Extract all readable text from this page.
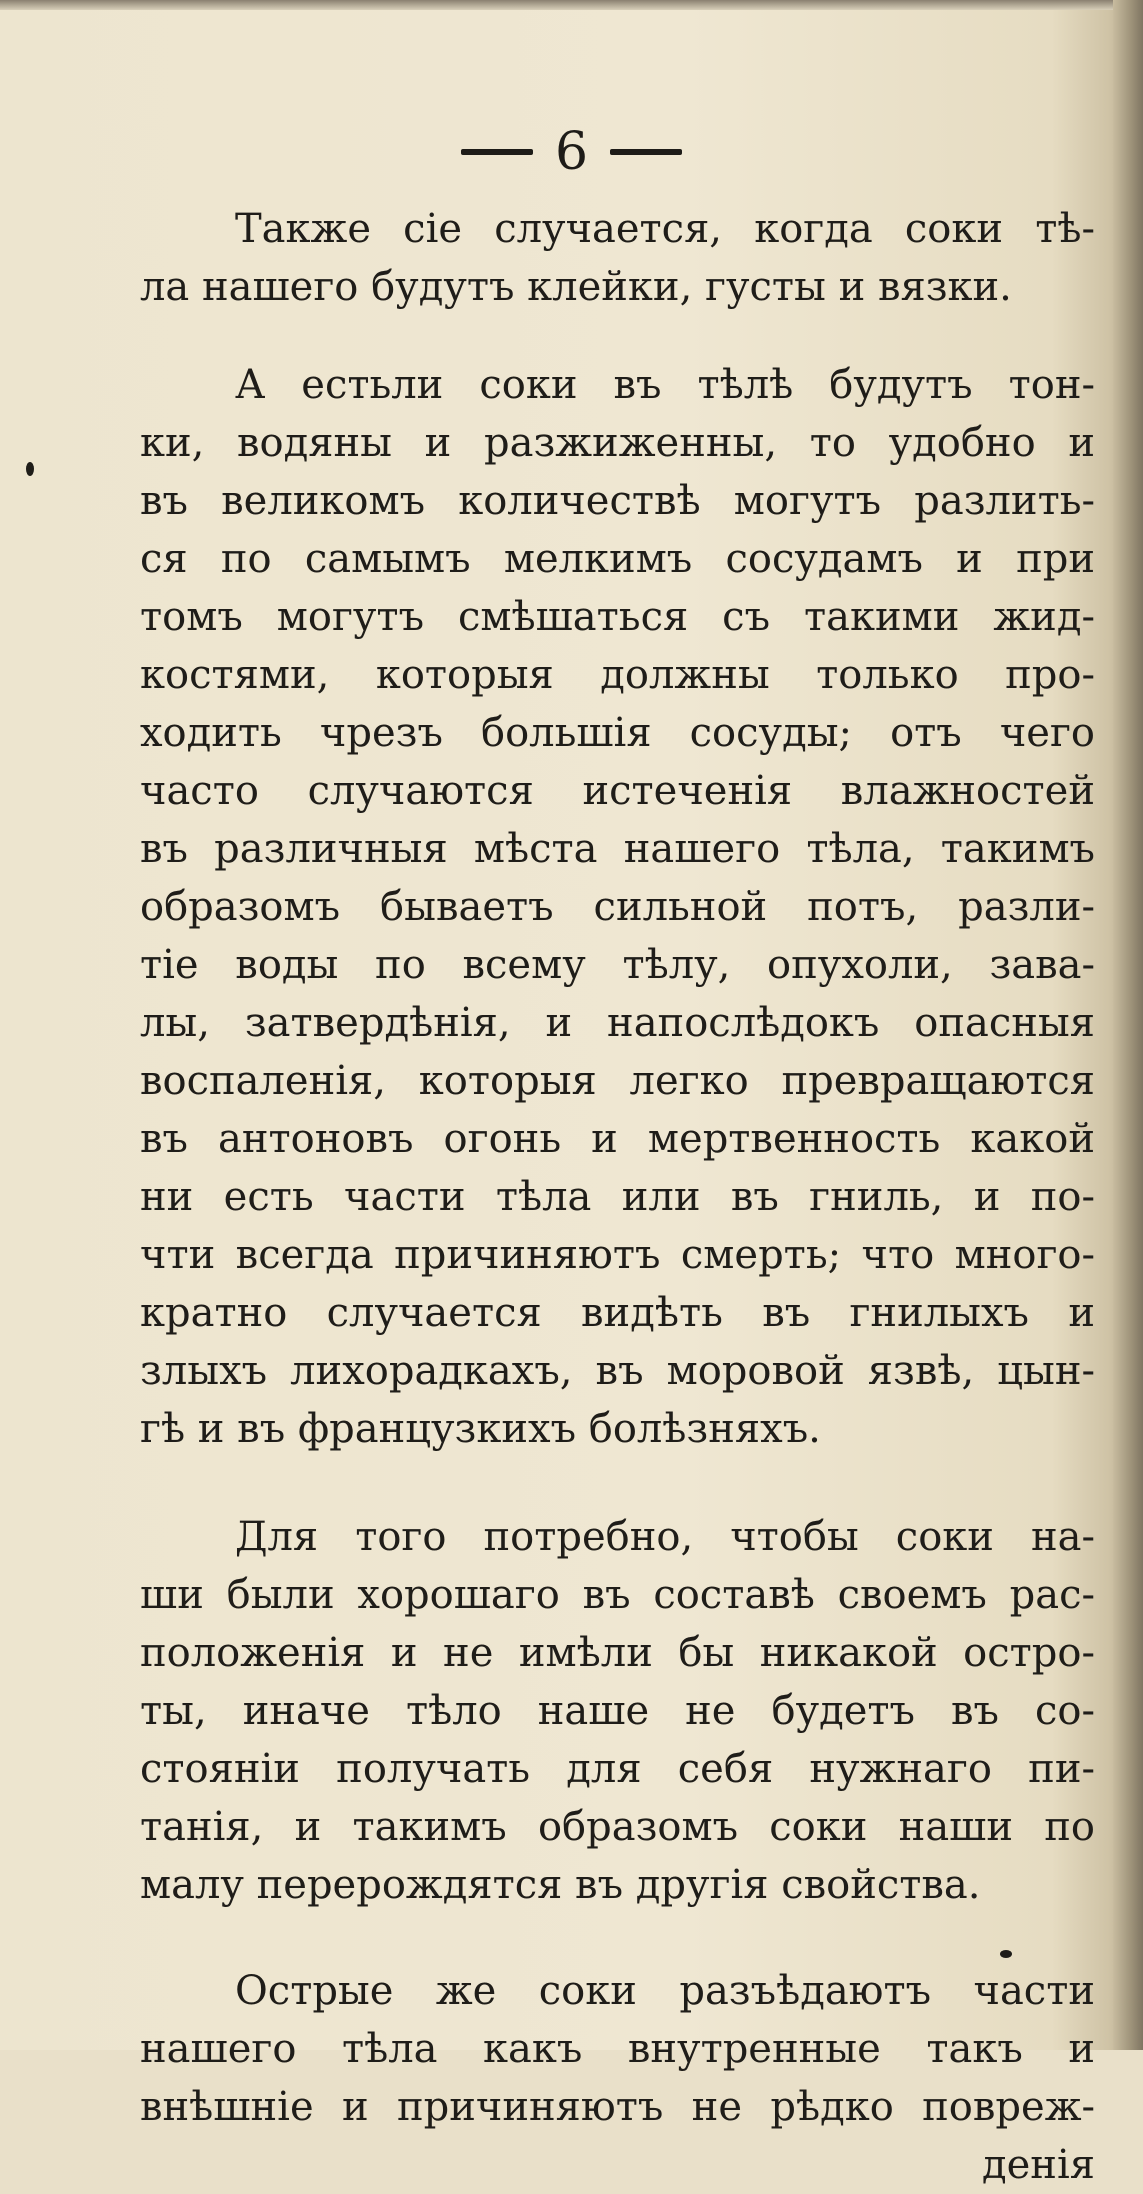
6
Также сiе случается, когда соки тѣ-
ла нашего будутъ клейки, густы и вязки.
А естьли соки въ тѣлѣ будутъ тон-
ки, водяны и разжиженны, то удобно и
въ великомъ количествѣ могутъ разлить-
ся по самымъ мелкимъ сосудамъ и при
томъ могутъ смѣшаться съ такими жид-
костями, которыя должны только про-
ходить чрезъ большiя сосуды; отъ чего
часто случаются истеченiя влажностей
въ различныя мѣста нашего тѣла, такимъ
образомъ бываетъ сильной потъ, разли-
тiе воды по всему тѣлу, опухоли, зава-
лы, затвердѣнiя, и напослѣдокъ опасныя
воспаленiя, которыя легко превращаются
въ антоновъ огонь и мертвенность какой
ни есть части тѣла или въ гниль, и по-
чти всегда причиняютъ смерть; что много-
кратно случается видѣть въ гнилыхъ и
злыхъ лихорадкахъ, въ моровой язвѣ, цын-
гѣ и въ французкихъ болѣзняхъ.
Для того потребно, чтобы соки на-
ши были хорошаго въ составѣ своемъ рас-
положенiя и не имѣли бы никакой остро-
ты, иначе тѣло наше не будетъ въ со-
стоянiи получать для себя нужнаго пи-
танiя, и такимъ образомъ соки наши по
малу перерождятся въ другiя свойства.
Острые же соки разъѣдаютъ части
нашего тѣла какъ внутренные такъ и
внѣшнiе и причиняютъ не рѣдко повреж-
денiя
